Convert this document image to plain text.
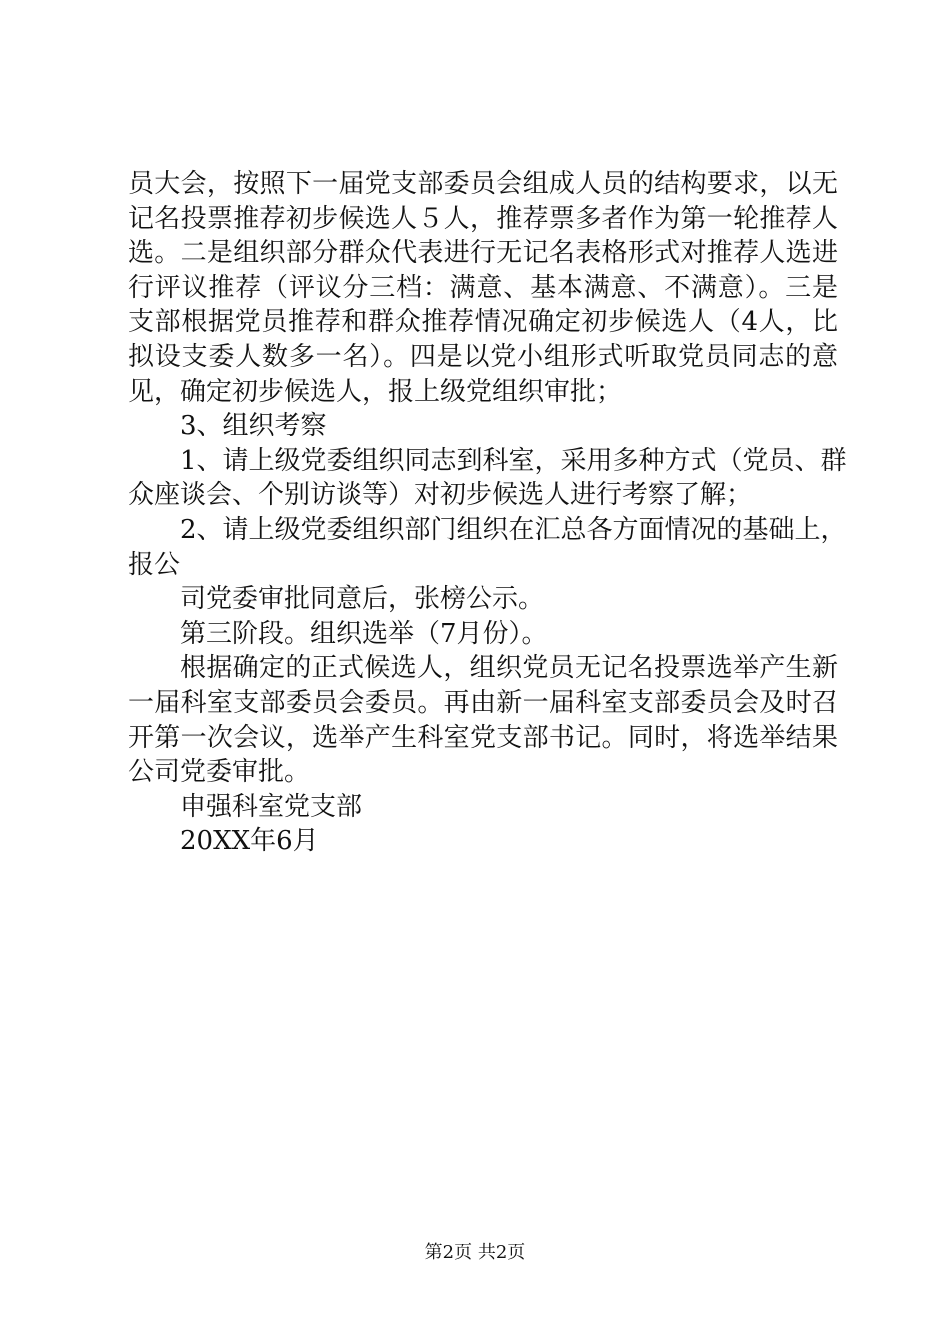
员大会，按照下一届党支部委员会组成人员的结构要求，以无
记名投票推荐初步候选人５人，推荐票多者作为第一轮推荐人
选。二是组织部分群众代表进行无记名表格形式对推荐人选进
行评议推荐（评议分三档：满意、基本满意、不满意）。三是
支部根据党员推荐和群众推荐情况确定初步候选人（4人，比
拟设支委人数多一名）。四是以党小组形式听取党员同志的意
见，确定初步候选人，报上级党组织审批；
3、组织考察
1、请上级党委组织同志到科室，采用多种方式（党员、群
众座谈会、个别访谈等）对初步候选人进行考察了解；
2、请上级党委组织部门组织在汇总各方面情况的基础上，
报公
司党委审批同意后，张榜公示。
第三阶段。组织选举（7月份）。
根据确定的正式候选人，组织党员无记名投票选举产生新
一届科室支部委员会委员。再由新一届科室支部委员会及时召
开第一次会议，选举产生科室党支部书记。同时，将选举结果
公司党委审批。
申强科室党支部
20XX年6月
第2页 共2页
